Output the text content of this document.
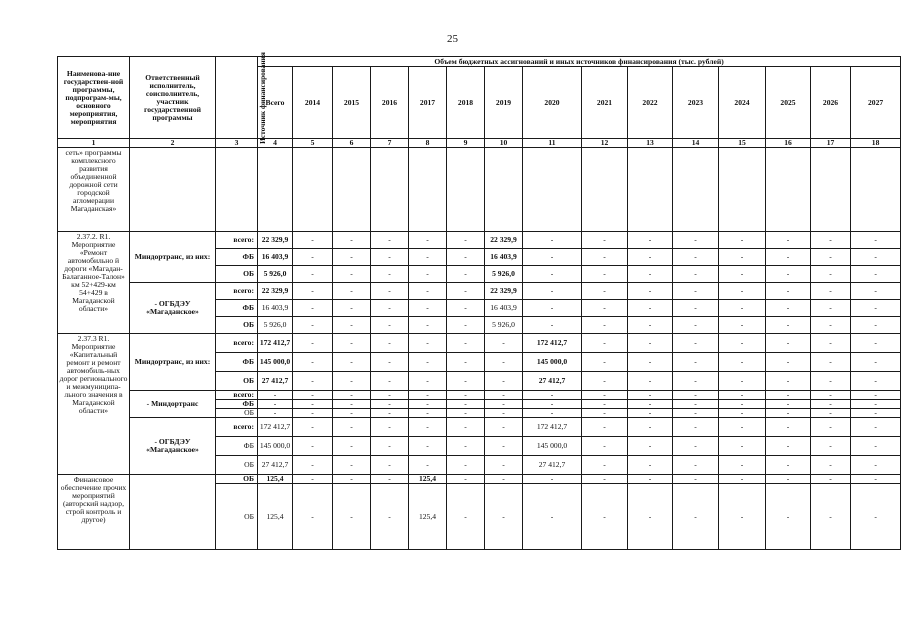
25
Наименова-ние государствен-ной программы, подпрограм-мы, основного мероприятия, мероприятия	Ответственный исполнитель, соисполнитель, участник государственной программы	Источник финансирования	Объем бюджетных ассигнований и иных источников финансирования (тыс. рублей)														
			Всего	2014	2015	2016	2017	2018	2019	2020	2021	2022	2023	2024	2025	2026	2027
1	2	3	4	5	6	7	8	9	10	11	12	13	14	15	16	17	18
сеть» программы комплексного развития объединенной дорожной сети городской агломерации Магаданская»																	
2.37.2. R1. Мероприятие «Ремонт автомобильно й дороги «Магадан-Балаганное-Талон» км 52+429-км 54+429 в Магаданской области»	Миндортранс, из них:	всего:	22 329,9	-	-	-	-	-	22 329,9	-	-	-	-	-	-	-	-
		ФБ	16 403,9	-	-	-	-	-	16 403,9	-	-	-	-	-	-	-	-
		ОБ	5 926,0	-	-	-	-	-	5 926,0	-	-	-	-	-	-	-	-
	- ОГБДЭУ «Магаданское»	всего:	22 329,9	-	-	-	-	-	22 329,9	-	-	-	-	-	-	-	-
		ФБ	16 403,9	-	-	-	-	-	16 403,9	-	-	-	-	-	-	-	-
		ОБ	5 926,0	-	-	-	-	-	5 926,0	-	-	-	-	-	-	-	-
2.37.3 R1. Мероприятие «Капитальный ремонт и ремонт автомобиль-ных дорог регионального и межмуниципа-льного значения в Магаданской области»	Миндортранс, из них:	всего:	172 412,7	-	-	-	-	-	-	172 412,7	-	-	-	-	-	-	-
		ФБ	145 000,0	-	-	-	-	-	-	145 000,0	-	-	-	-	-	-	-
		ОБ	27 412,7	-	-	-	-	-	-	27 412,7	-	-	-	-	-	-	-
	- Миндортранс	всего:	-	-	-	-	-	-	-	-	-	-	-	-	-	-	-
		ФБ	-	-	-	-	-	-	-	-	-	-	-	-	-	-	-
		ОБ	-	-	-	-	-	-	-	-	-	-	-	-	-	-	-
	- ОГБДЭУ «Магаданское»	всего:	172 412,7	-	-	-	-	-	-	172 412,7	-	-	-	-	-	-	-
		ФБ	145 000,0	-	-	-	-	-	-	145 000,0	-	-	-	-	-	-	-
		ОБ	27 412,7	-	-	-	-	-	-	27 412,7	-	-	-	-	-	-	-
Финансовое обеспечение прочих мероприятий (авторский надзор, строй контроль и другое)		ОБ	125,4	-	-	-	125,4	-	-	-	-	-	-	-	-	-	-
		ОБ	125,4	-	-	-	125,4	-	-	-	-	-	-	-	-	-	-
